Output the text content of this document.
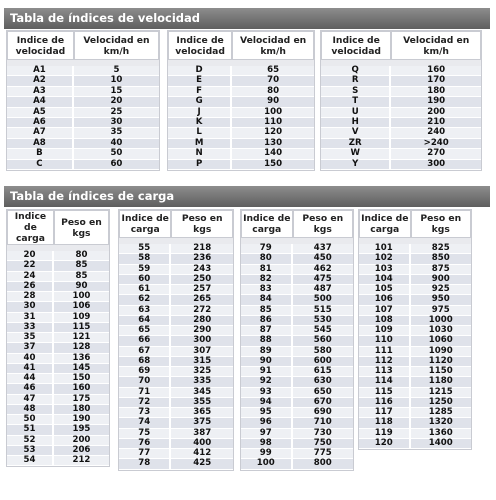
Tabla de índices de velocidad
Indice de velocidad	Velocidad en km/h

A1	5
A2	10
A3	15
A4	20
A5	25
A6	30
A7	35
A8	40
B	50
C	60
Indice de velocidad	Velocidad en km/h

D	65
E	70
F	80
G	90
J	100
K	110
L	120
M	130
N	140
P	150
Indice de velocidad	Velocidad en km/h

Q	160
R	170
S	180
T	190
U	200
H	210
V	240
ZR	>240
W	270
Y	300
Tabla de índices de carga
Indice de carga	Peso en kgs

20	80
22	85
24	85
26	90
28	100
30	106
31	109
33	115
35	121
37	128
40	136
41	145
44	150
46	160
47	175
48	180
50	190
51	195
52	200
53	206
54	212
Indice de carga	Peso en kgs

55	218
58	236
59	243
60	250
61	257
62	265
63	272
64	280
65	290
66	300
67	307
68	315
69	325
70	335
71	345
72	355
73	365
74	375
75	387
76	400
77	412
78	425
Indice de carga	Peso en kgs

79	437
80	450
81	462
82	475
83	487
84	500
85	515
86	530
87	545
88	560
89	580
90	600
91	615
92	630
93	650
94	670
95	690
96	710
97	730
98	750
99	775
100	800
Indice de carga	Peso en kgs

101	825
102	850
103	875
104	900
105	925
106	950
107	975
108	1000
109	1030
110	1060
111	1090
112	1120
113	1150
114	1180
115	1215
116	1250
117	1285
118	1320
119	1360
120	1400
